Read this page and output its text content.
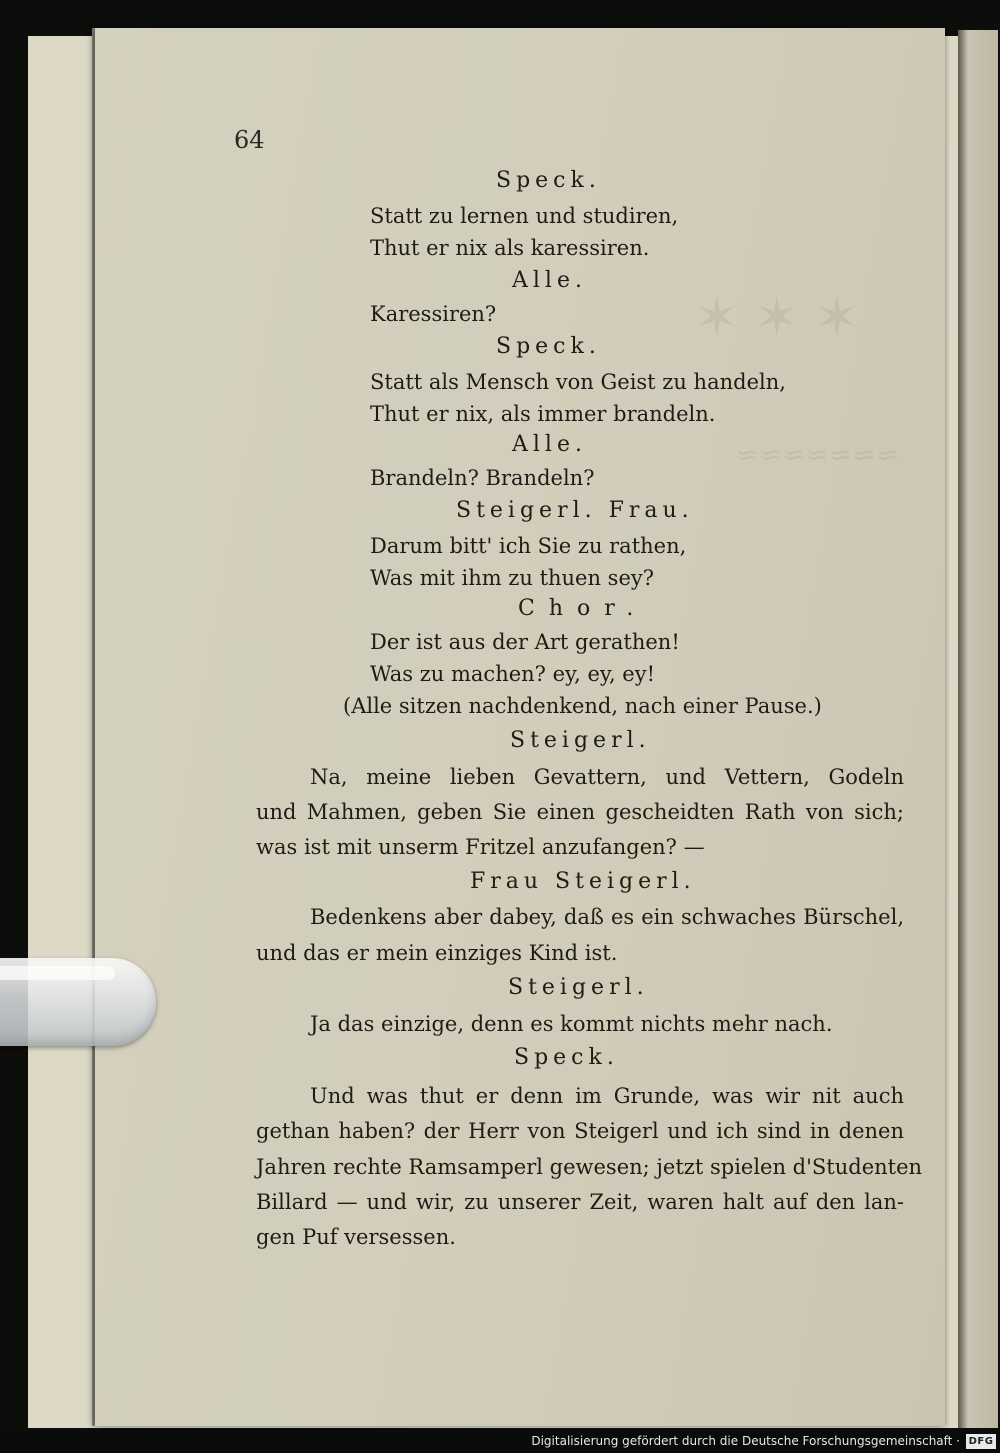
✶ ✶ ✶
≈≈≈≈≈≈≈
64

Speck.

Statt zu lernen und studiren,

Thut er nix als karessiren.

Alle.

Karessiren?

Speck.

Statt als Mensch von Geist zu handeln,

Thut er nix, als immer brandeln.

Alle.

Brandeln? Brandeln?

Steigerl. Frau.

Darum bitt' ich Sie zu rathen,

Was mit ihm zu thuen sey?

Chor.

Der ist aus der Art gerathen!

Was zu machen? ey, ey, ey!

(Alle sitzen nachdenkend, nach einer Pause.)

Steigerl.

Na, meine lieben Gevattern, und Vettern, Godeln

und Mahmen, geben Sie einen gescheidten Rath von sich;

was ist mit unserm Fritzel anzufangen? —

Frau Steigerl.

Bedenkens aber dabey, daß es ein schwaches Bürschel,

und das er mein einziges Kind ist.

Steigerl.

Ja das einzige, denn es kommt nichts mehr nach.

Speck.

Und was thut er denn im Grunde, was wir nit auch

gethan haben? der Herr von Steigerl und ich sind in denen

Jahren rechte Ramsamperl gewesen; jetzt spielen d'Studenten

Billard — und wir, zu unserer Zeit, waren halt auf den lan-

gen Puf versessen.

Digitalisierung gefördert durch die Deutsche Forschungsgemeinschaft · DFG
